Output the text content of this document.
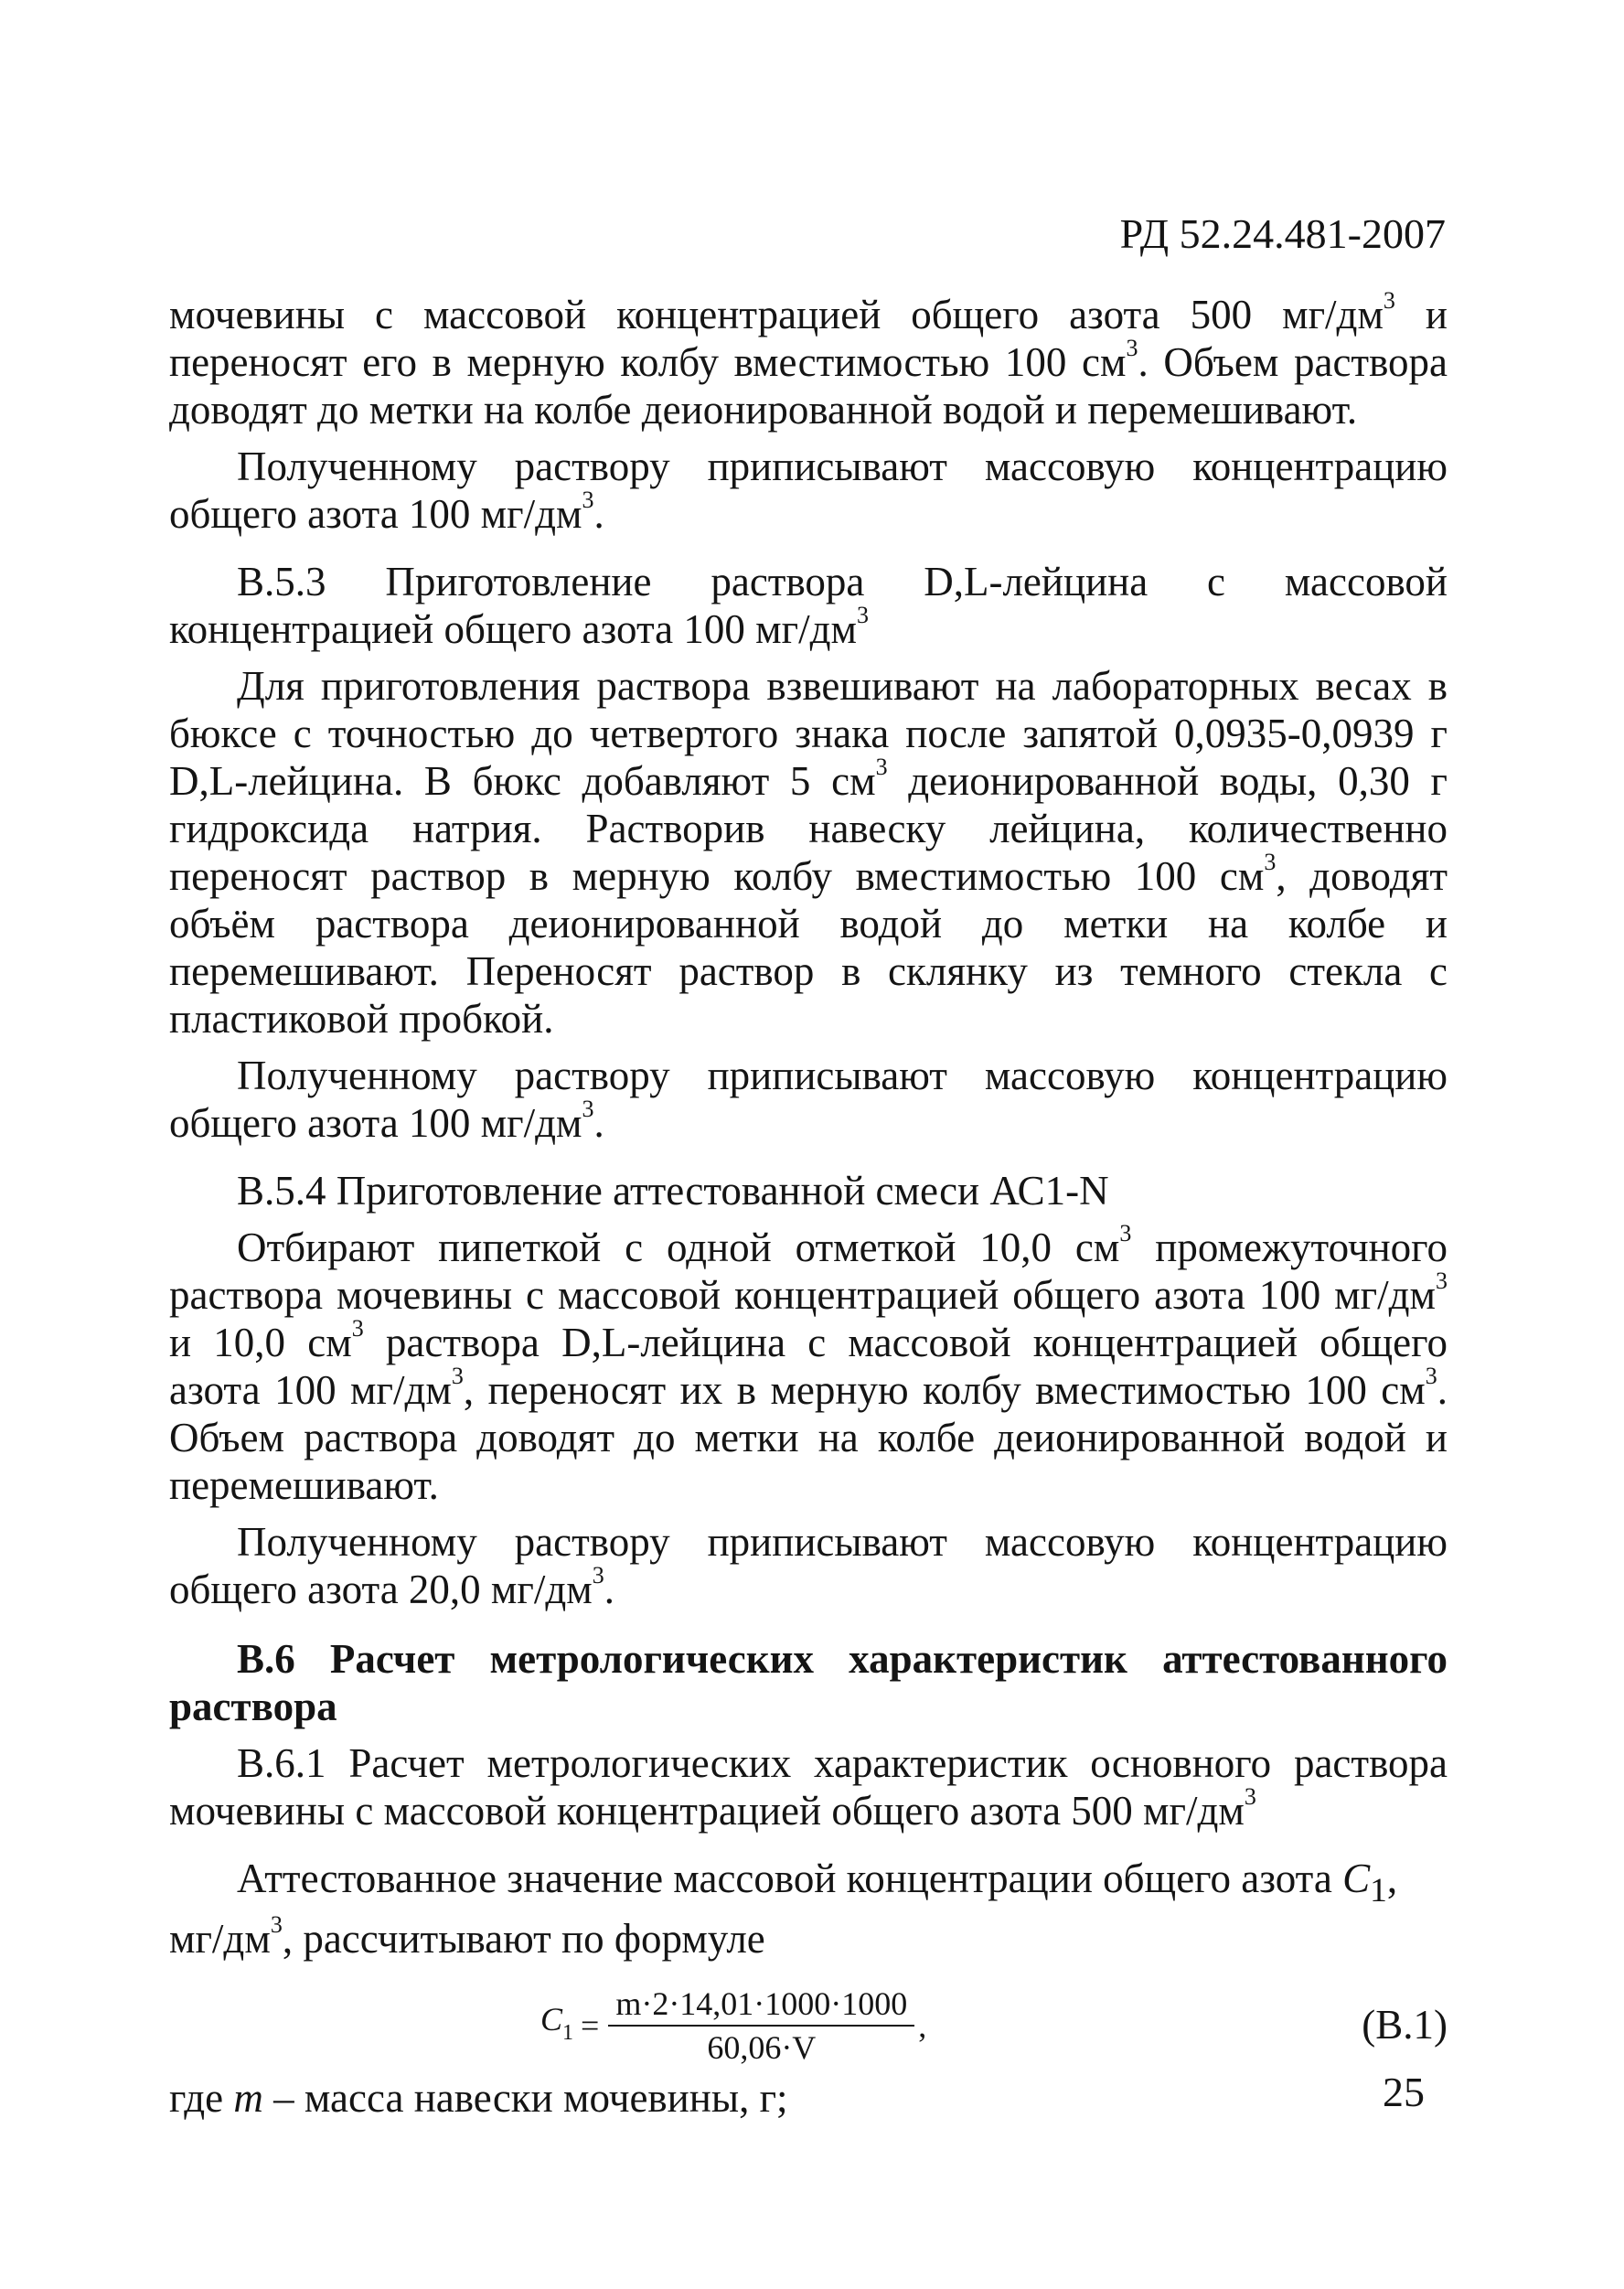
РД 52.24.481-2007

мочевины с массовой концентрацией общего азота 500 $мг/дм^3$ и переносят его в мерную колбу вместимостью 100 $см^3$. Объем раствора доводят до метки на колбе деионированной водой и перемешивают.

Полученному раствору приписывают массовую концентрацию общего азота 100 $мг/дм^3$.

В.5.3 Приготовление раствора D,L-лейцина с массовой концентрацией общего азота 100 $мг/дм^3$

Для приготовления раствора взвешивают на лабораторных весах в бюксе с точностью до четвертого знака после запятой 0,0935-0,0939 г D,L-лейцина. В бюкс добавляют 5 $см^3$ деионированной воды, 0,30 г гидроксида натрия. Растворив навеску лейцина, количественно переносят раствор в мерную колбу вместимостью 100 $см^3$, доводят объём раствора деионированной водой до метки на колбе и перемешивают. Переносят раствор в склянку из темного стекла с пластиковой пробкой.

Полученному раствору приписывают массовую концентрацию общего азота 100 $мг/дм^3$.

В.5.4 Приготовление аттестованной смеси АС1-N

Отбирают пипеткой с одной отметкой 10,0 $см^3$ промежуточного раствора мочевины с массовой концентрацией общего азота 100 $мг/дм^3$ и 10,0 $см^3$ раствора D,L-лейцина с массовой концентрацией общего азота 100 $мг/дм^3$, переносят их в мерную колбу вместимостью 100 $см^3$. Объем раствора доводят до метки на колбе деионированной водой и перемешивают.

Полученному раствору приписывают массовую концентрацию общего азота 20,0 $мг/дм^3$.

В.6 Расчет метрологических характеристик аттестованного раствора

В.6.1 Расчет метрологических характеристик основного раствора мочевины с массовой концентрацией общего азота 500 $мг/дм^3$

Аттестованное значение массовой концентрации общего азота $C_1$,

$мг/дм^3$, рассчитывают по формуле

$C_1 = \frac{m\cdot 2\cdot 14,01\cdot 1000\cdot 1000}{60,06\cdot V}$ ,	(В.1)

где m – масса навески мочевины, г;	25
